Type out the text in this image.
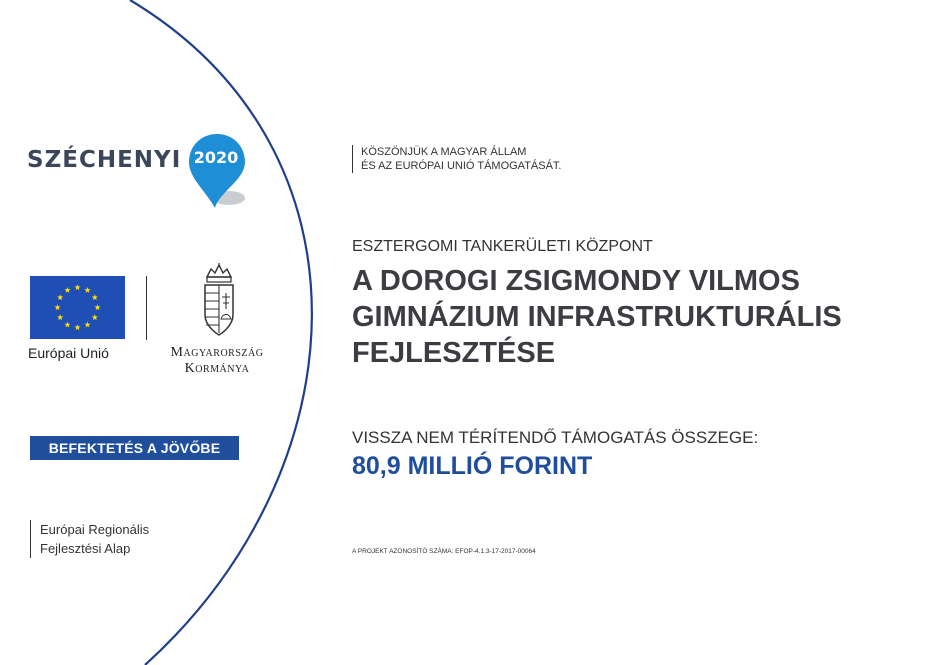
SZÉCHENYI 2020
Európai Unió	Magyarország
Kormánya
BEFEKTETÉS A JÖVŐBE
Európai Regionális
Fejlesztési Alap
KÖSZÖNJÜK A MAGYAR ÁLLAM
ÉS AZ EURÓPAI UNIÓ TÁMOGATÁSÁT.
ESZTERGOMI TANKERÜLETI KÖZPONT
A DOROGI ZSIGMONDY VILMOS
GIMNÁZIUM INFRASTRUKTURÁLIS
FEJLESZTÉSE
VISSZA NEM TÉRÍTENDŐ TÁMOGATÁS ÖSSZEGE:
80,9 MILLIÓ FORINT
A PROJEKT AZONOSÍTÓ SZÁMA: EFOP-4.1.3-17-2017-00064
